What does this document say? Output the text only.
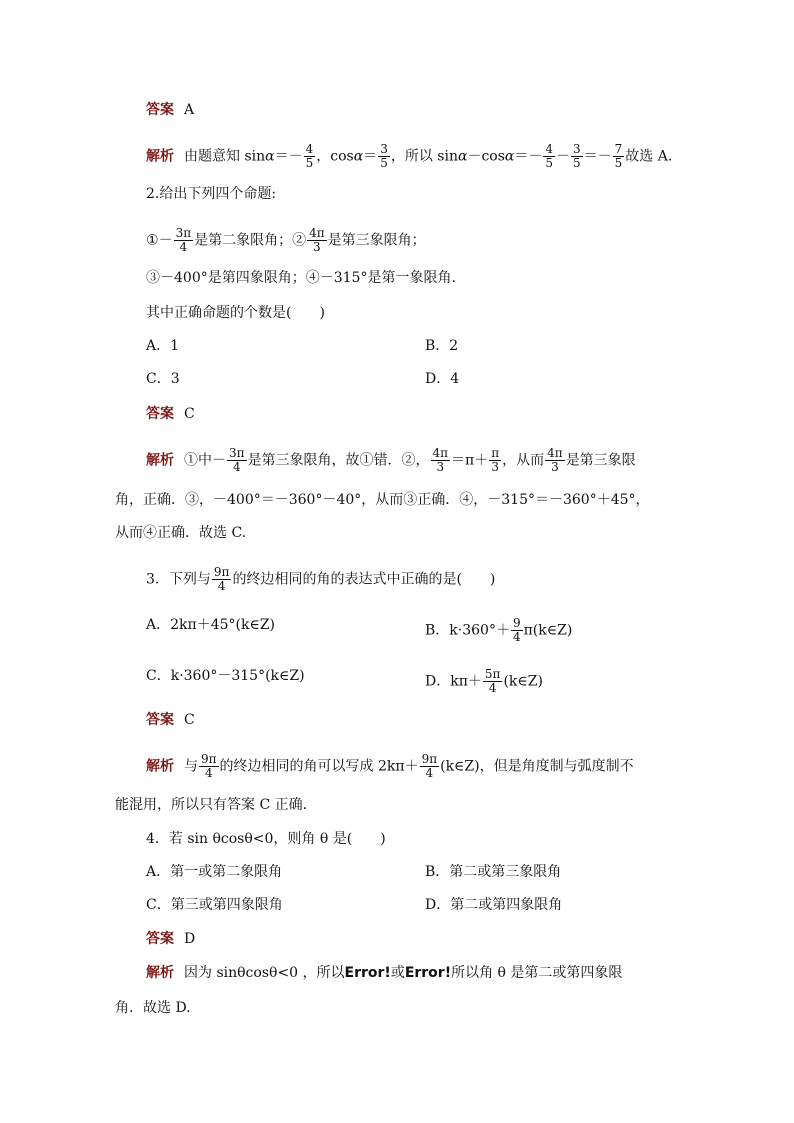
答案 A
解析 由题意知 $\sin\alpha=- \frac{4}{5}$ ，$\cos\alpha= \frac{3}{5}$ ，所以 $\sin\alpha-\cos\alpha=- \frac{4}{5} - \frac{3}{5} =- \frac{7}{5}$ 故选 A.
2.给出下列四个命题:
①－ $\frac{3\pi}{4}$ 是第二象限角；② $\frac{4\pi}{3}$ 是第三象限角；
③－400°是第四象限角；④－315°是第一象限角．
其中正确命题的个数是(　　)
A．1	B．2
C．3	D．4
答案 C
解析 ①中－ $\frac{3\pi}{4}$ 是第三象限角，故①错．②， $\frac{4\pi}{3} =\pi+ \frac{\pi}{3}$ ，从而 $\frac{4\pi}{3}$ 是第三象限
角，正确．③，－400°＝－360°－40°，从而③正确．④，－315°＝－360°＋45°，
从而④正确．故选 C.
3．下列与 $\frac{9\pi}{4}$ 的终边相同的角的表达式中正确的是(　　)
A．2kπ＋45°(k∈Z)	B．$k\cdot 360^\circ+ \frac{9}{4}$ π(k∈Z)
C．k·360°－315°(k∈Z)	D．$k\pi+ \frac{5\pi}{4}$ (k∈Z)
答案 C
解析 与 $\frac{9\pi}{4}$ 的终边相同的角可以写成 $2k\pi+ \frac{9\pi}{4}$ (k∈Z)，但是角度制与弧度制不
能混用，所以只有答案 C 正确．
4．若 sin θcosθ<0，则角 θ 是(　　)
A．第一或第二象限角	B．第二或第三象限角
C．第三或第四象限角	D．第二或第四象限角
答案 D
解析 因为 sinθcosθ<0 ，所以Error!或Error!所以角 θ 是第二或第四象限
角．故选 D.
